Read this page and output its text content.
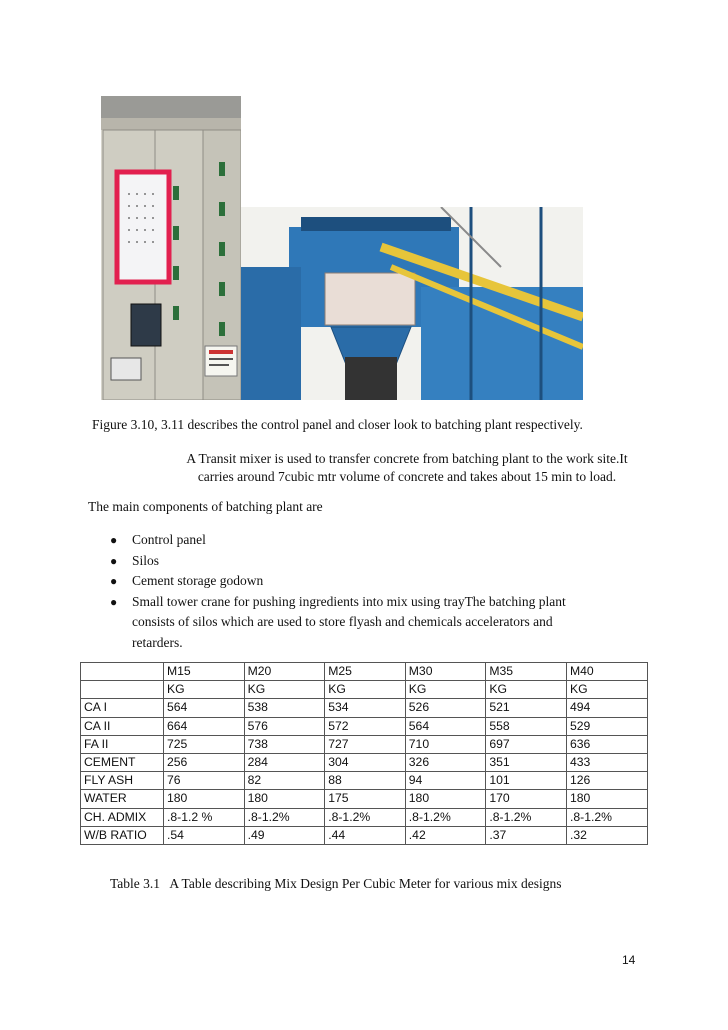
Figure 3.10, 3.11 describes the control panel and closer look to batching plant respectively.
A Transit mixer is used to transfer concrete from batching plant to the work site.It
carries around 7cubic mtr volume of concrete and takes about 15 min to load.
The main components of batching plant are
● Control panel
● Silos
● Cement storage godown
● Small tower crane for pushing ingredients into mix using trayThe batching plant
consists of silos which are used to store flyash and chemicals accelerators and
retarders.
	M15	M20	M25	M30	M35	M40
	KG	KG	KG	KG	KG	KG
CA I	564	538	534	526	521	494
CA II	664	576	572	564	558	529
FA II	725	738	727	710	697	636
CEMENT	256	284	304	326	351	433
FLY ASH	76	82	88	94	101	126
WATER	180	180	175	180	170	180
CH. ADMIX	.8-1.2 %	.8-1.2%	.8-1.2%	.8-1.2%	.8-1.2%	.8-1.2%
W/B RATIO	.54	.49	.44	.42	.37	.32
Table 3.1   A Table describing Mix Design Per Cubic Meter for various mix designs
14
